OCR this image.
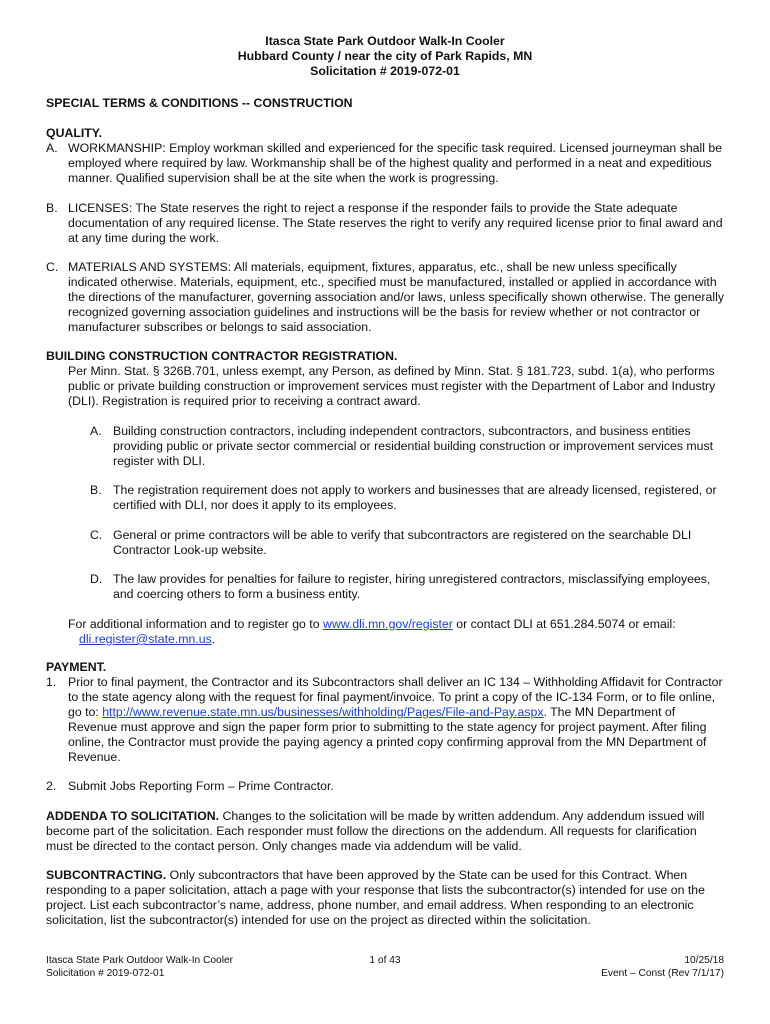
Itasca State Park Outdoor Walk-In Cooler
Hubbard County / near the city of Park Rapids, MN
Solicitation # 2019-072-01
SPECIAL TERMS & CONDITIONS -- CONSTRUCTION
QUALITY.
A. WORKMANSHIP: Employ workman skilled and experienced for the specific task required. Licensed journeyman shall be employed where required by law. Workmanship shall be of the highest quality and performed in a neat and expeditious manner. Qualified supervision shall be at the site when the work is progressing.
B. LICENSES: The State reserves the right to reject a response if the responder fails to provide the State adequate documentation of any required license. The State reserves the right to verify any required license prior to final award and at any time during the work.
C. MATERIALS AND SYSTEMS: All materials, equipment, fixtures, apparatus, etc., shall be new unless specifically indicated otherwise. Materials, equipment, etc., specified must be manufactured, installed or applied in accordance with the directions of the manufacturer, governing association and/or laws, unless specifically shown otherwise. The generally recognized governing association guidelines and instructions will be the basis for review whether or not contractor or manufacturer subscribes or belongs to said association.
BUILDING CONSTRUCTION CONTRACTOR REGISTRATION.
Per Minn. Stat. § 326B.701, unless exempt, any Person, as defined by Minn. Stat. § 181.723, subd. 1(a), who performs public or private building construction or improvement services must register with the Department of Labor and Industry (DLI). Registration is required prior to receiving a contract award.
A. Building construction contractors, including independent contractors, subcontractors, and business entities providing public or private sector commercial or residential building construction or improvement services must register with DLI.
B. The registration requirement does not apply to workers and businesses that are already licensed, registered, or certified with DLI, nor does it apply to its employees.
C. General or prime contractors will be able to verify that subcontractors are registered on the searchable DLI Contractor Look-up website.
D. The law provides for penalties for failure to register, hiring unregistered contractors, misclassifying employees, and coercing others to form a business entity.
For additional information and to register go to www.dli.mn.gov/register or contact DLI at 651.284.5074 or email:
dli.register@state.mn.us.
PAYMENT.
1. Prior to final payment, the Contractor and its Subcontractors shall deliver an IC 134 – Withholding Affidavit for Contractor to the state agency along with the request for final payment/invoice. To print a copy of the IC-134 Form, or to file online, go to: http://www.revenue.state.mn.us/businesses/withholding/Pages/File-and-Pay.aspx. The MN Department of Revenue must approve and sign the paper form prior to submitting to the state agency for project payment. After filing online, the Contractor must provide the paying agency a printed copy confirming approval from the MN Department of Revenue.
2. Submit Jobs Reporting Form – Prime Contractor.
ADDENDA TO SOLICITATION. Changes to the solicitation will be made by written addendum. Any addendum issued will become part of the solicitation. Each responder must follow the directions on the addendum. All requests for clarification must be directed to the contact person. Only changes made via addendum will be valid.
SUBCONTRACTING. Only subcontractors that have been approved by the State can be used for this Contract. When responding to a paper solicitation, attach a page with your response that lists the subcontractor(s) intended for use on the project. List each subcontractor’s name, address, phone number, and email address. When responding to an electronic solicitation, list the subcontractor(s) intended for use on the project as directed within the solicitation.
Itasca State Park Outdoor Walk-In Cooler
Solicitation # 2019-072-01
1 of 43	10/25/18
Event – Const (Rev 7/1/17)
